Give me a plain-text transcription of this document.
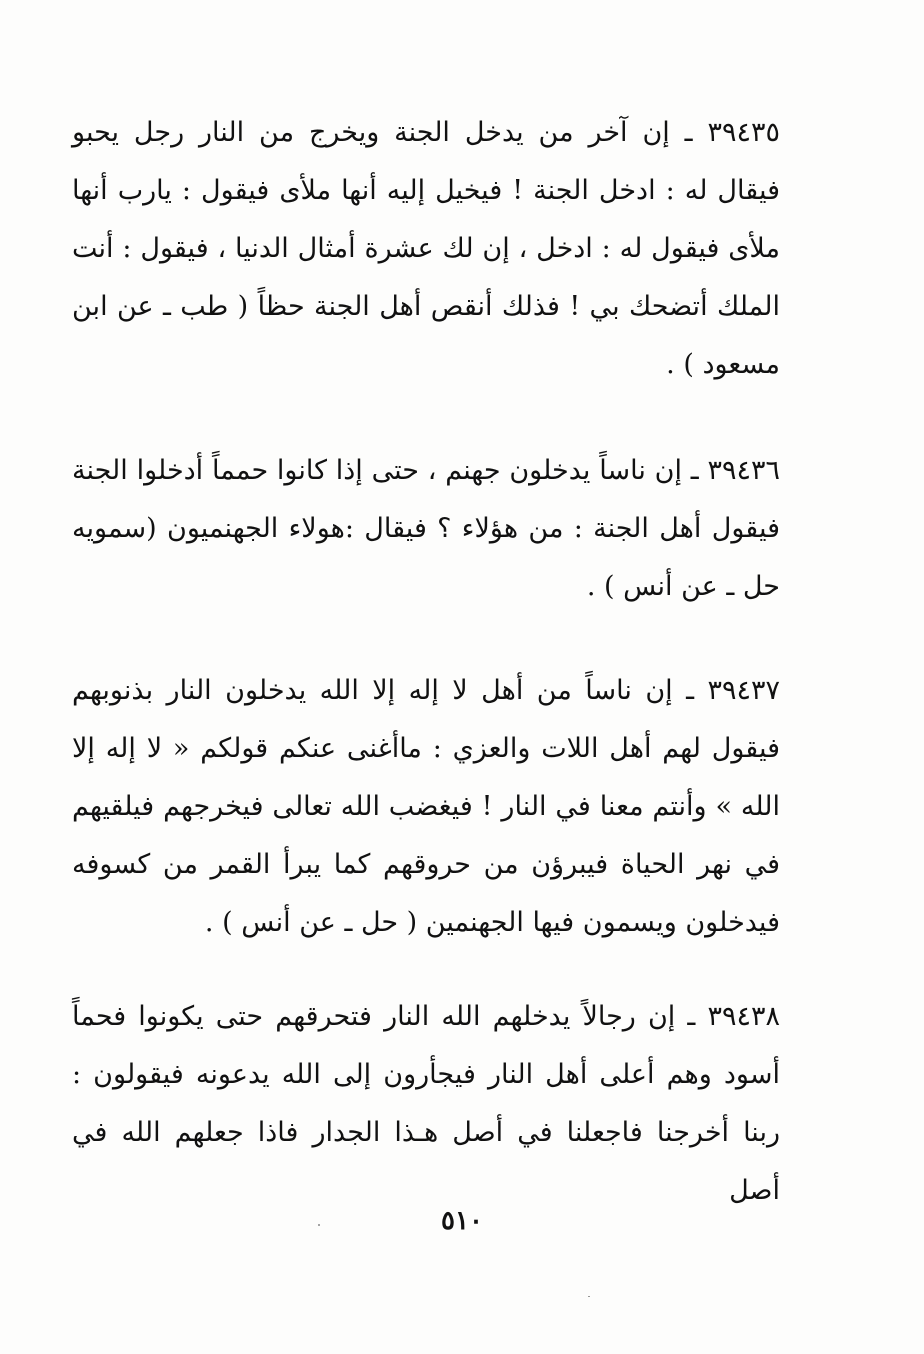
٣٩٤٣٥ ـ إن آخر من يدخل الجنة ويخرج من النار رجل يحبو فيقال له : ادخل الجنة ! فيخيل إليه أنها ملأى فيقول : يارب أنها ملأى فيقول له : ادخل ، إن لك عشرة أمثال الدنيا ، فيقول : أنت الملك أتضحك بي ! فذلك أنقص أهل الجنة حظاً ( طب ـ عن ابن مسعود ) .

٣٩٤٣٦ ـ إن ناساً يدخلون جهنم ، حتى إذا كانوا حمماً أدخلوا الجنة فيقول أهل الجنة : من هؤلاء ؟ فيقال :هولاء الجهنميون (سمويه حل ـ عن أنس ) .

٣٩٤٣٧ ـ إن ناساً من أهل لا إله إلا الله يدخلون النار بذنوبهم فيقول لهم أهل اللات والعزي : ماأغنى عنكم قولكم « لا إله إلا الله » وأنتم معنا في النار ! فيغضب الله تعالى فيخرجهم فيلقيهم في نهر الحياة فيبرؤن من حروقهم كما يبرأ القمر من كسوفه فيدخلون ويسمون فيها الجهنمين ( حل ـ عن أنس ) .

٣٩٤٣٨ ـ إن رجالاً يدخلهم الله النار فتحرقهم حتى يكونوا فحماً أسود وهم أعلى أهل النار فيجأرون إلى الله يدعونه فيقولون : ربنا أخرجنا فاجعلنا في أصل هـذا الجدار فاذا جعلهم الله في أصل

٥١٠
